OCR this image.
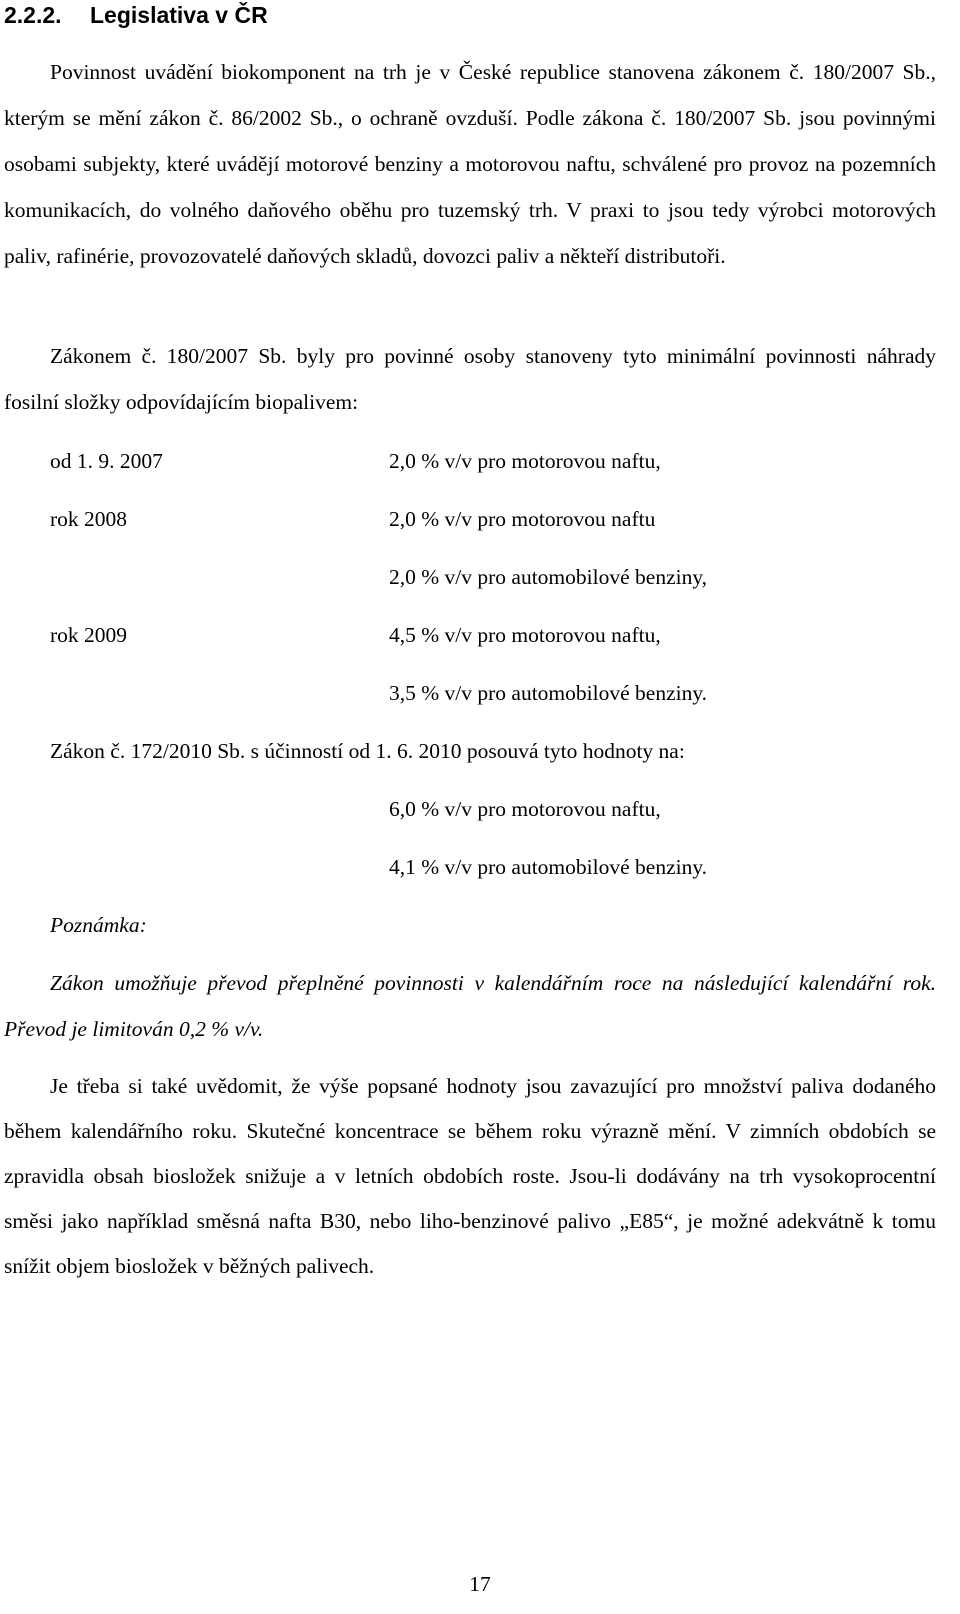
2.2.2. Legislativa v ČR

Povinnost uvádění biokomponent na trh je v České republice stanovena zákonem č. 180/2007 Sb., kterým se mění zákon č. 86/2002 Sb., o ochraně ovzduší. Podle zákona č. 180/2007 Sb. jsou povinnými osobami subjekty, které uvádějí motorové benziny a motorovou naftu, schválené pro provoz na pozemních komunikacích, do volného daňového oběhu pro tuzemský trh. V praxi to jsou tedy výrobci motorových paliv, rafinérie, provozovatelé daňových skladů, dovozci paliv a někteří distributoři.

Zákonem č. 180/2007 Sb. byly pro povinné osoby stanoveny tyto minimální povinnosti náhrady fosilní složky odpovídajícím biopalivem:

od 1. 9. 2007	2,0 % v/v pro motorovou naftu,
rok 2008	2,0 % v/v pro motorovou naftu
2,0 % v/v pro automobilové benziny,
rok 2009	4,5 % v/v pro motorovou naftu,
3,5 % v/v pro automobilové benziny.
Zákon č. 172/2010 Sb. s účinností od 1. 6. 2010 posouvá tyto hodnoty na:
6,0 % v/v pro motorovou naftu,
4,1 % v/v pro automobilové benziny.
Poznámka:

Zákon umožňuje převod přeplněné povinnosti v kalendářním roce na následující kalendářní rok. Převod je limitován 0,2 % v/v.

Je třeba si také uvědomit, že výše popsané hodnoty jsou zavazující pro množství paliva dodaného během kalendářního roku. Skutečné koncentrace se během roku výrazně mění. V zimních obdobích se zpravidla obsah biosložek snižuje a v letních obdobích roste. Jsou-li dodávány na trh vysokoprocentní směsi jako například směsná nafta B30, nebo liho-benzinové palivo „E85“, je možné adekvátně k tomu snížit objem biosložek v běžných palivech.

17
